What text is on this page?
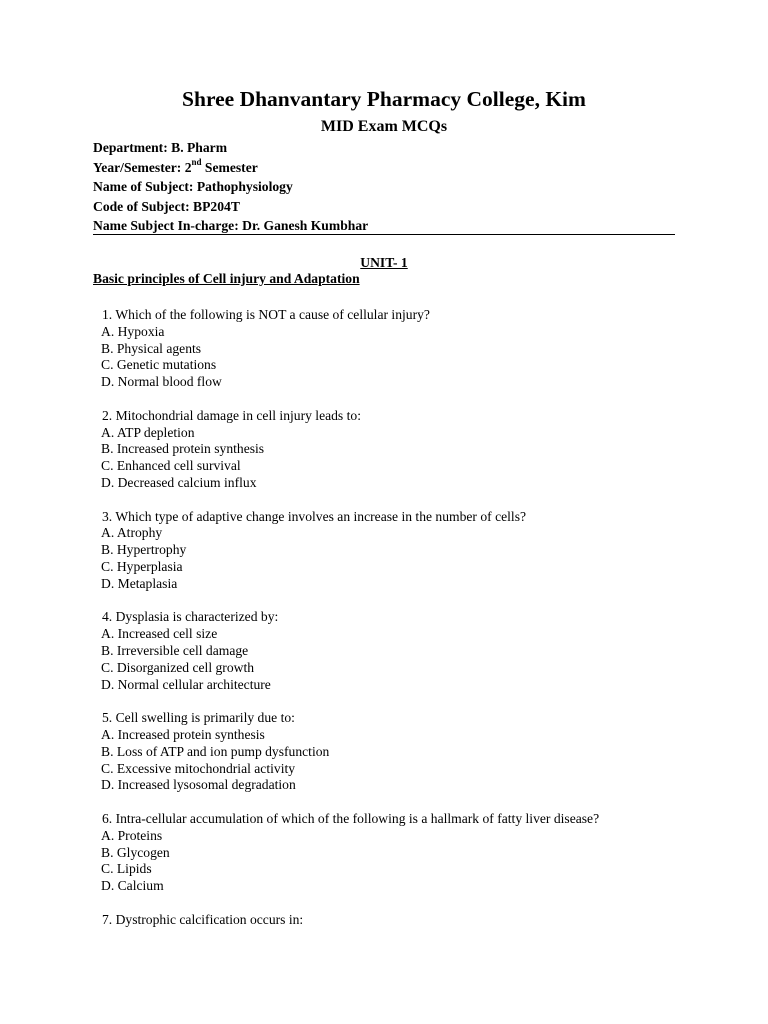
Shree Dhanvantary Pharmacy College, Kim
MID Exam MCQs
Department: B. Pharm
Year/Semester: 2nd Semester
Name of Subject: Pathophysiology
Code of Subject: BP204T
Name Subject In-charge: Dr. Ganesh Kumbhar
UNIT- 1
Basic principles of Cell injury and Adaptation
1. Which of the following is NOT a cause of cellular injury?
A. Hypoxia
B. Physical agents
C. Genetic mutations
D. Normal blood flow
2. Mitochondrial damage in cell injury leads to:
A. ATP depletion
B. Increased protein synthesis
C. Enhanced cell survival
D. Decreased calcium influx
3. Which type of adaptive change involves an increase in the number of cells?
A. Atrophy
B. Hypertrophy
C. Hyperplasia
D. Metaplasia
4. Dysplasia is characterized by:
A. Increased cell size
B. Irreversible cell damage
C. Disorganized cell growth
D. Normal cellular architecture
5. Cell swelling is primarily due to:
A. Increased protein synthesis
B. Loss of ATP and ion pump dysfunction
C. Excessive mitochondrial activity
D. Increased lysosomal degradation
6. Intra-cellular accumulation of which of the following is a hallmark of fatty liver disease?
A. Proteins
B. Glycogen
C. Lipids
D. Calcium
7. Dystrophic calcification occurs in:
